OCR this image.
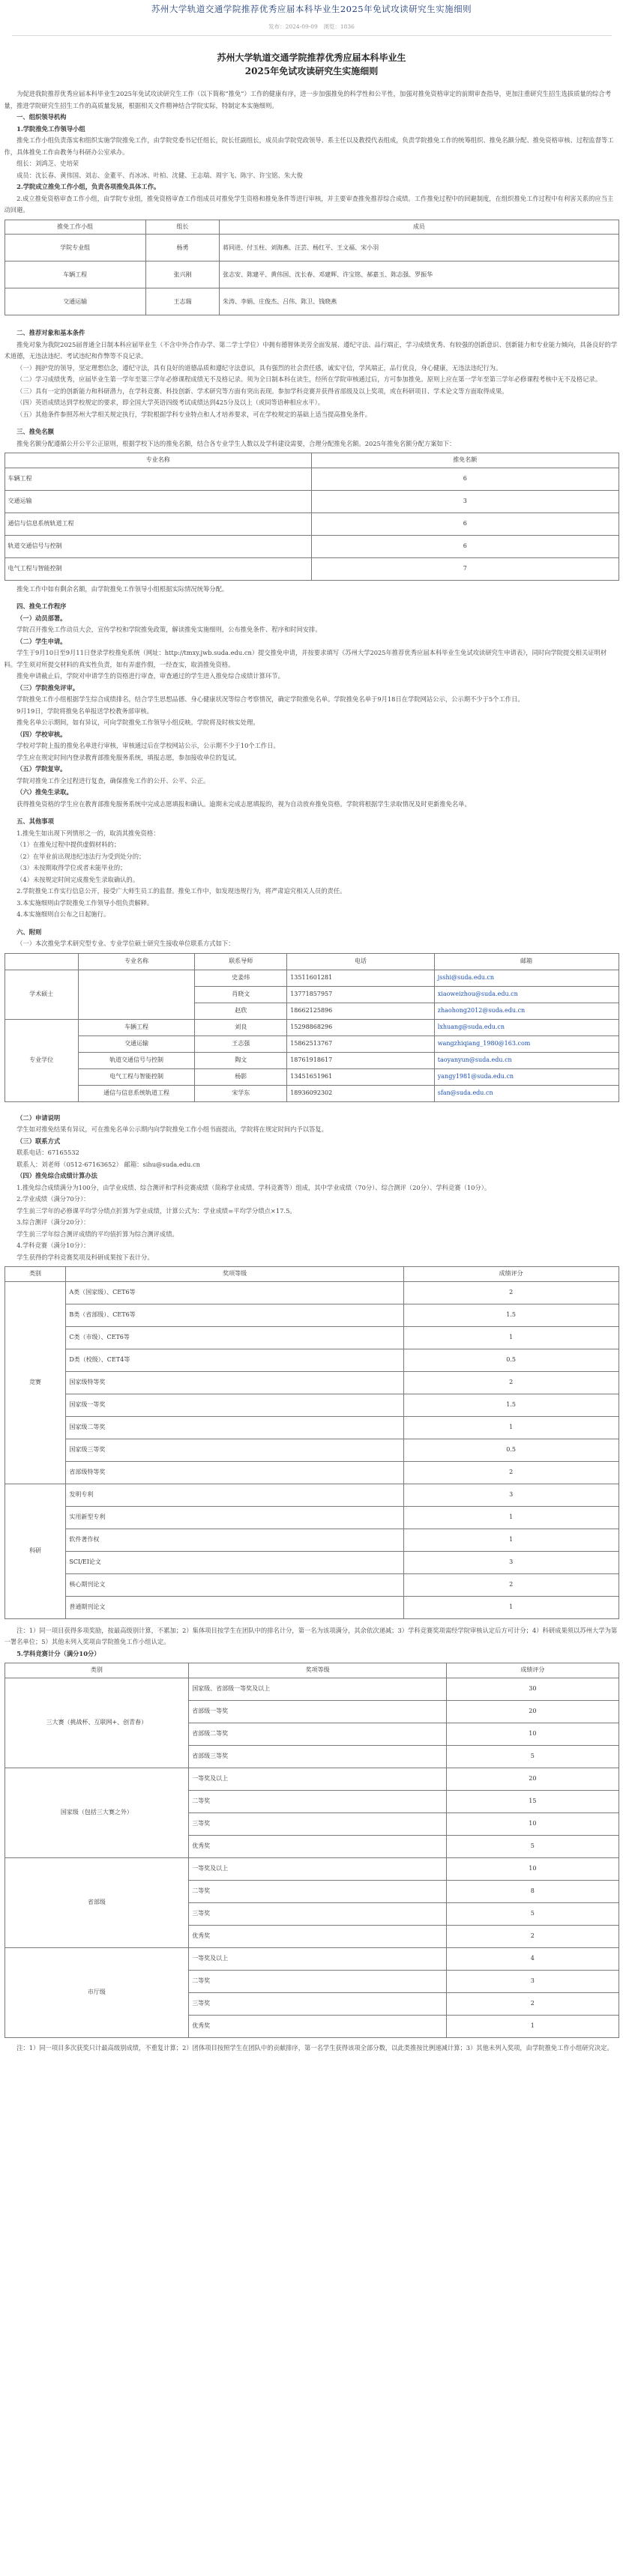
苏州大学轨道交通学院推荐优秀应届本科毕业生2025年免试攻读研究生实施细则
发布：2024-09-09　浏览：1836
苏州大学轨道交通学院推荐优秀应届本科毕业生
2025年免试攻读研究生实施细则

为促进我院推荐优秀应届本科毕业生2025年免试攻读研究生工作（以下简称“推免”）工作的健康有序，进一步加强推免的科学性和公平性，加强对推免资格审定的前期审查指导，更加注重研究生招生选拔质量的综合考量，推进学院研究生招生工作的高质量发展，根据相关文件精神结合学院实际，特制定本实施细则。

一、组织领导机构

1.学院推免工作领导小组

推免工作小组负责落实和组织实施学院推免工作，由学院党委书记任组长，院长任副组长，成员由学院党政领导、系主任以及教授代表组成，负责学院推免工作的统筹组织、推免名额分配、推免资格审核、过程监督等工作，具体推免工作由教务与科研办公室承办。

组长：刘鸿芝、史培荣

成员：沈长春、黄伟国、刘志、金董平、肖冰冰、叶柏、沈健、王志瑞、周宇飞、陈宇、许宝铭、朱大俊

2.学院成立推免工作小组，负责各项推免具体工作。

2.成立推免资格审查工作小组，由学院专业组，推免资格审查工作组成员对推免学生资格和推免条件等进行审核，并主要审查推免推荐综合成绩。工作推免过程中的回避制度，在组织推免工作过程中有利害关系的应当主动回避。

推免工作小组	组长	成员
学院专业组	杨勇	蒋同进、付玉柱、刘海燕、汪芸、杨红平、王文福、宋小羽
车辆工程	张兴刚	张志安、陈建平、黄伟国、沈长春、邓建辉、许宝铭、郝嘉玉、陈志强、罗振华
交通运输	王志瑞	朱涛、李娟、庄俊杰、吕伟、陈卫、钱晓燕

二、推荐对象和基本条件

推免对象为我院2025届普通全日制本科应届毕业生（不含中外合作办学、第二学士学位）中拥有德智体美劳全面发展、遵纪守法、品行端正，学习成绩优秀、有较强的创新意识、创新能力和专业能力倾向，具备良好的学术道德，无违法违纪、考试违纪和作弊等不良记录。

（一）拥护党的领导，坚定理想信念，遵纪守法，具有良好的道德品质和遵纪守法意识，具有强烈的社会责任感，诚实守信，学风端正，品行优良，身心健康，无违法违纪行为。

（二）学习成绩优秀，应届毕业生第一学年至第三学年必修课程成绩无不及格记录。须为全日制本科在读生，经所在学院审核通过后，方可参加推免。原则上应在第一学年至第三学年必修课程考核中无不及格记录。

（三）具有一定的创新能力和科研潜力，在学科竞赛、科技创新、学术研究等方面有突出表现。参加学科竞赛并获得省部级及以上奖项，或在科研项目、学术论文等方面取得成果。

（四）英语成绩达到学校规定的要求，即全国大学英语四级考试成绩达到425分及以上（或同等语种相应水平）。

（五）其他条件参照苏州大学相关规定执行，学院根据学科专业特点和人才培养要求，可在学校规定的基础上适当提高推免条件。

三、推免名额

推免名额分配遵循公开公平公正原则，根据学校下达的推免名额，结合各专业学生人数以及学科建设需要，合理分配推免名额。2025年推免名额分配方案如下：

专业名称	推免名额
车辆工程	6
交通运输	3
通信与信息系统轨道工程	6
轨道交通信号与控制	6
电气工程与智能控制	7

推免工作中如有剩余名额，由学院推免工作领导小组根据实际情况统筹分配。

四、推免工作程序

（一）动员部署。

学院召开推免工作动员大会，宣传学校和学院推免政策，解读推免实施细则，公布推免条件、程序和时间安排。

（二）学生申请。

学生于9月10日至9月11日登录学校推免系统（网址：http://tmxy.jwb.suda.edu.cn）提交推免申请，并按要求填写《苏州大学2025年推荐优秀应届本科毕业生免试攻读研究生申请表》，同时向学院提交相关证明材料。学生须对所提交材料的真实性负责，如有弄虚作假，一经查实，取消推免资格。

推免申请截止后，学院对申请学生的资格进行审查，审查通过的学生进入推免综合成绩计算环节。

（三）学院推免评审。

学院推免工作小组根据学生综合成绩排名，结合学生思想品德、身心健康状况等综合考察情况，确定学院推免名单。学院推免名单于9月18日在学院网站公示，公示期不少于5个工作日。

9月19日，学院将推免名单报送学校教务部审核。

推免名单公示期间，如有异议，可向学院推免工作领导小组反映。学院将及时核实处理。

（四）学校审核。

学校对学院上报的推免名单进行审核，审核通过后在学校网站公示，公示期不少于10个工作日。

学生应在规定时间内登录教育部推免服务系统，填报志愿，参加接收单位的复试。

（五）学院复审。

学院对推免工作全过程进行复查，确保推免工作的公开、公平、公正。

（六）推免生录取。

获得推免资格的学生应在教育部推免服务系统中完成志愿填报和确认。逾期未完成志愿填报的，视为自动放弃推免资格。学院将根据学生录取情况及时更新推免名单。

五、其他事项

1.推免生如出现下列情形之一的，取消其推免资格：

（1）在推免过程中提供虚假材料的；

（2）在毕业前出现违纪违法行为受到处分的；

（3）未按期取得学位或者未能毕业的；

（4）未按规定时间完成推免生录取确认的。

2.学院推免工作实行信息公开，接受广大师生员工的监督。推免工作中，如发现违规行为，将严肃追究相关人员的责任。

3.本实施细则由学院推免工作领导小组负责解释。

4.本实施细则自公布之日起施行。

六、附则

（一）本次推免学术研究型专业、专业学位硕士研究生接收单位联系方式如下：

	专业名称	联系导师	电话	邮箱
学术硕士		史姜炜	13511601281	jsshi@suda.edu.cn
		肖晓文	13771857957	xiaoweizhou@suda.edu.cn
		赵欣	18662125896	zhaohong2012@suda.edu.cn
专业学位	车辆工程	刘良	15298868296	lxhuang@suda.edu.cn
	交通运输	王志强	15862513767	wangzhiqiang_1980@163.com
	轨道交通信号与控制	陶文	18761918617	taoyanyun@suda.edu.cn
	电气工程与智能控制	杨影	13451651961	yangy1981@suda.edu.cn
	通信与信息系统轨道工程	宋学东	18936092302	sfan@suda.edu.cn

（二）申请说明

学生如对推免结果有异议，可在推免名单公示期内向学院推免工作小组书面提出，学院将在规定时间内予以答复。

（三）联系方式

联系电话：67165532

联系人：刘老师（0512-67163652） 邮箱：sihu@suda.edu.cn

（四）推免综合成绩计算办法

1.推免综合成绩满分为100分，由学业成绩、综合测评和学科竞赛成绩（简称学业成绩、学科竞赛等）组成，其中学业成绩（70分）、综合测评（20分）、学科竞赛（10分）。

2.学业成绩（满分70分）：

学生前三学年的必修课平均学分绩点折算为学业成绩，计算公式为：学业成绩=平均学分绩点×17.5。

3.综合测评（满分20分）：

学生前三学年综合测评成绩的平均值折算为综合测评成绩。

4.学科竞赛（满分10分）：

学生获得的学科竞赛奖项及科研成果按下表计分。

类别	奖项等级	成绩评分
竞赛	A类（国家级）、CET6等	2
	B类（省部级）、CET6等	1.5
	C类（市级）、CET6等	1
	D类（校级）、CET4等	0.5
	国家级特等奖	2
	国家级一等奖	1.5
	国家级二等奖	1
	国家级三等奖	0.5
	省部级特等奖	2
科研	发明专利	3
	实用新型专利	1
	软件著作权	1
	SCI/EI论文	3
	核心期刊论文	2
	普通期刊论文	1

注：1）同一项目获得多项奖励，按最高级别计算，不累加；2）集体项目按学生在团队中的排名计分，第一名为该项满分，其余依次递减；3）学科竞赛奖项需经学院审核认定后方可计分；4）科研成果须以苏州大学为第一署名单位；5）其他未列入奖项由学院推免工作小组认定。

5.学科竞赛计分（满分10分）

类别	奖项等级	成绩评分
三大赛（挑战杯、互联网+、创青春）	国家级、省部级一等奖及以上	30
	省部级一等奖	20
	省部级二等奖	10
	省部级三等奖	5
国家级（包括三大赛之外）	一等奖及以上	20
	二等奖	15
	三等奖	10
	优秀奖	5
省部级	一等奖及以上	10
	二等奖	8
	三等奖	5
	优秀奖	2
市厅级	一等奖及以上	4
	二等奖	3
	三等奖	2
	优秀奖	1

注：1）同一项目多次获奖只计最高级别成绩，不重复计算；2）团体项目按照学生在团队中的贡献排序，第一名学生获得该项全部分数，以此类推按比例递减计算；3）其他未列入奖项，由学院推免工作小组研究决定。
